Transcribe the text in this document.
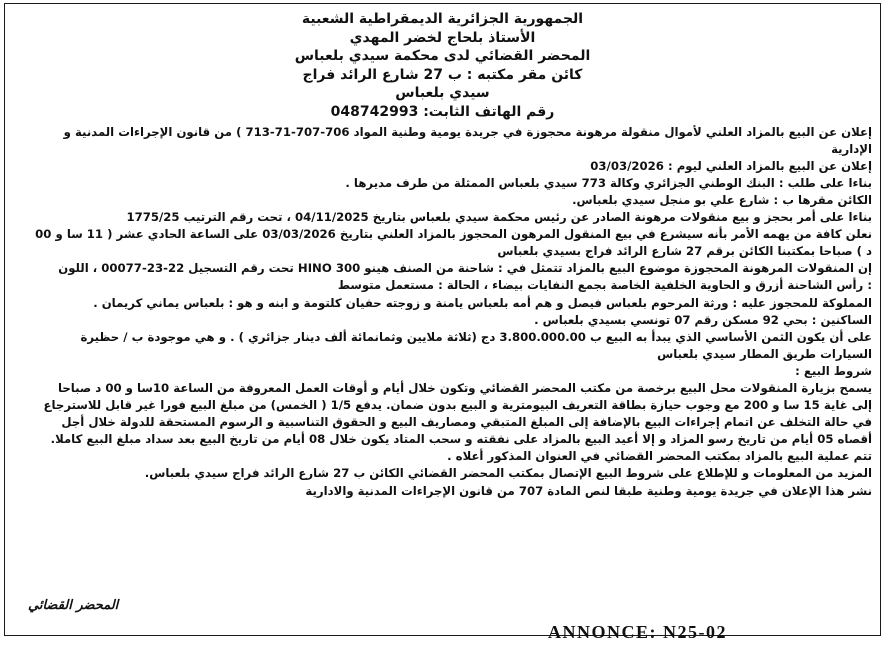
الجمهورية الجزائرية الديمقراطية الشعبية
الأستاذ بلحاج لخضر المهدي
المحضر القضائي لدى محكمة سيدي بلعباس
كائن مقر مكتبه : ب 27 شارع الرائد فراج
سيدي بلعباس
رقم الهاتف الثابت: 048742993
إعلان عن البيع بالمزاد العلني لأموال منقولة مرهونة محجوزة في جريدة يومية وطنية المواد 706-707-71-713 ) من قانون الإجراءات المدنية و
الإدارية
إعلان عن البيع بالمزاد العلني ليوم : 03/03/2026
بناءا على طلب : البنك الوطني الجزائري وكالة 773 سيدي بلعباس الممثلة من طرف مديرها .
الكائن مقرها ب : شارع علي بو منجل سيدي بلعباس.
بناءا على أمر بحجز و بيع منقولات مرهونة الصادر عن رئيس محكمة سيدي بلعباس بتاريخ 04/11/2025 ، تحت رقم الترتيب 1775/25
نعلن كافة من يهمه الأمر بأنه سيشرع في بيع المنقول المرهون المحجوز بالمزاد العلني بتاريخ 03/03/2026 على الساعة الحادي عشر ( 11 سا و 00
د ) صباحا بمكتبنا الكائن برقم 27 شارع الرائد فراج بسيدي بلعباس
إن المنقولات المرهونة المحجوزة موضوع البيع بالمزاد تتمثل في : شاحنة من الصنف هينو HINO 300 تحت رقم التسجيل 22-23-00077 ، اللون
: رأس الشاحنة أزرق و الحاوية الخلفية الخاصة بجمع النفايات بيضاء ، الحالة : مستعمل متوسط
المملوكة للمحجوز عليه : ورثة المرحوم بلعباس فيصل و هم أمه بلعباس يامنة و زوجته حفيان كلتومة و ابنه و هو : بلعباس يماني كريمان .
الساكنين : بحي 92 مسكن رقم 07 تونسي بسيدي بلعباس .
على أن يكون الثمن الأساسي الذي يبدأ به البيع ب 3.800.000.00 دج (ثلاثة ملايين وثمانمائة ألف دينار جزائري ) . و هي موجودة ب / حظيرة
السيارات طريق المطار سيدي بلعباس
شروط البيع :
يسمح بزيارة المنقولات محل البيع برخصة من مكتب المحضر القضائي وتكون خلال أيام و أوقات العمل المعروفة من الساعة 10سا و 00 د صباحا
إلى غاية 15 سا و 200 مع وجوب حيازة بطاقة التعريف البيومترية و البيع بدون ضمان. يدفع 1/5 ( الخمس) من مبلغ البيع فورا غير قابل للاسترجاع
في حالة التخلف عن اتمام إجراءات البيع بالإضافة إلى المبلغ المتبقي ومصاريف البيع و الحقوق التناسبية و الرسوم المستحقة للدولة خلال أجل
أقصاه 05 أيام من تاريخ رسو المزاد و إلا أعيد البيع بالمزاد على نفقته و سحب المتاد يكون خلال 08 أيام من تاريخ البيع بعد سداد مبلغ البيع كاملا.
تتم عملية البيع بالمزاد بمكتب المحضر القضائي في العنوان المذكور أعلاه .
المزيد من المعلومات و للإطلاع على شروط البيع الإتصال بمكتب المحضر القضائي الكائن ب 27 شارع الرائد فراج سيدي بلعباس.
نشر هذا الإعلان في جريدة يومية وطنية طبقا لنص المادة 707 من قانون الإجراءات المدنية والادارية
المحضر القضائي
ANNONCE: N25-02
